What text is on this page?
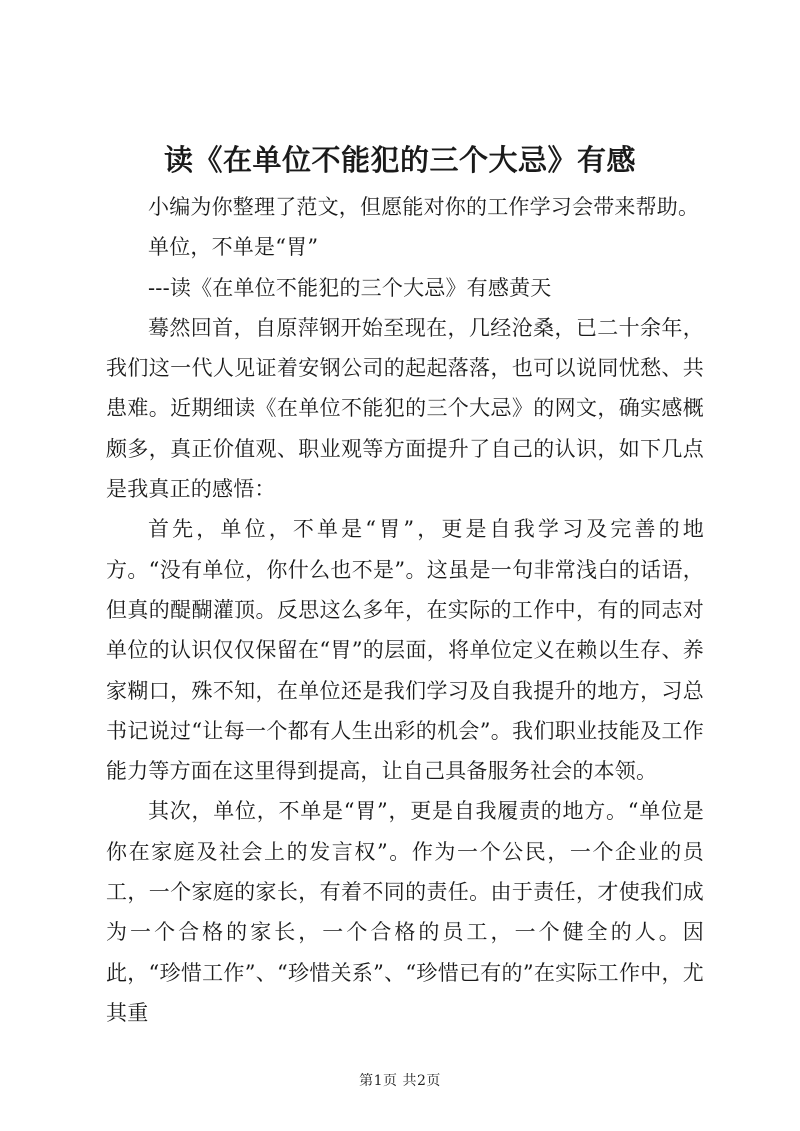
读《在单位不能犯的三个大忌》有感

小编为你整理了范文，但愿能对你的工作学习会带来帮助。

单位，不单是“胃”

---读《在单位不能犯的三个大忌》有感黄天

蓦然回首，自原萍钢开始至现在，几经沧桑，已二十余年，我们这一代人见证着安钢公司的起起落落，也可以说同忧愁、共患难。近期细读《在单位不能犯的三个大忌》的网文，确实感概颇多，真正价值观、职业观等方面提升了自己的认识，如下几点是我真正的感悟：

首先，单位，不单是“胃”，更是自我学习及完善的地方。“没有单位，你什么也不是”。这虽是一句非常浅白的话语，但真的醍醐灌顶。反思这么多年，在实际的工作中，有的同志对单位的认识仅仅保留在“胃”的层面，将单位定义在赖以生存、养家糊口，殊不知，在单位还是我们学习及自我提升的地方，习总书记说过“让每一个都有人生出彩的机会”。我们职业技能及工作能力等方面在这里得到提高，让自己具备服务社会的本领。

其次，单位，不单是“胃”，更是自我履责的地方。“单位是你在家庭及社会上的发言权”。作为一个公民，一个企业的员工，一个家庭的家长，有着不同的责任。由于责任，才使我们成为一个合格的家长，一个合格的员工，一个健全的人。因此，“珍惜工作”、“珍惜关系”、“珍惜已有的”在实际工作中，尤其重

第1页 共2页
